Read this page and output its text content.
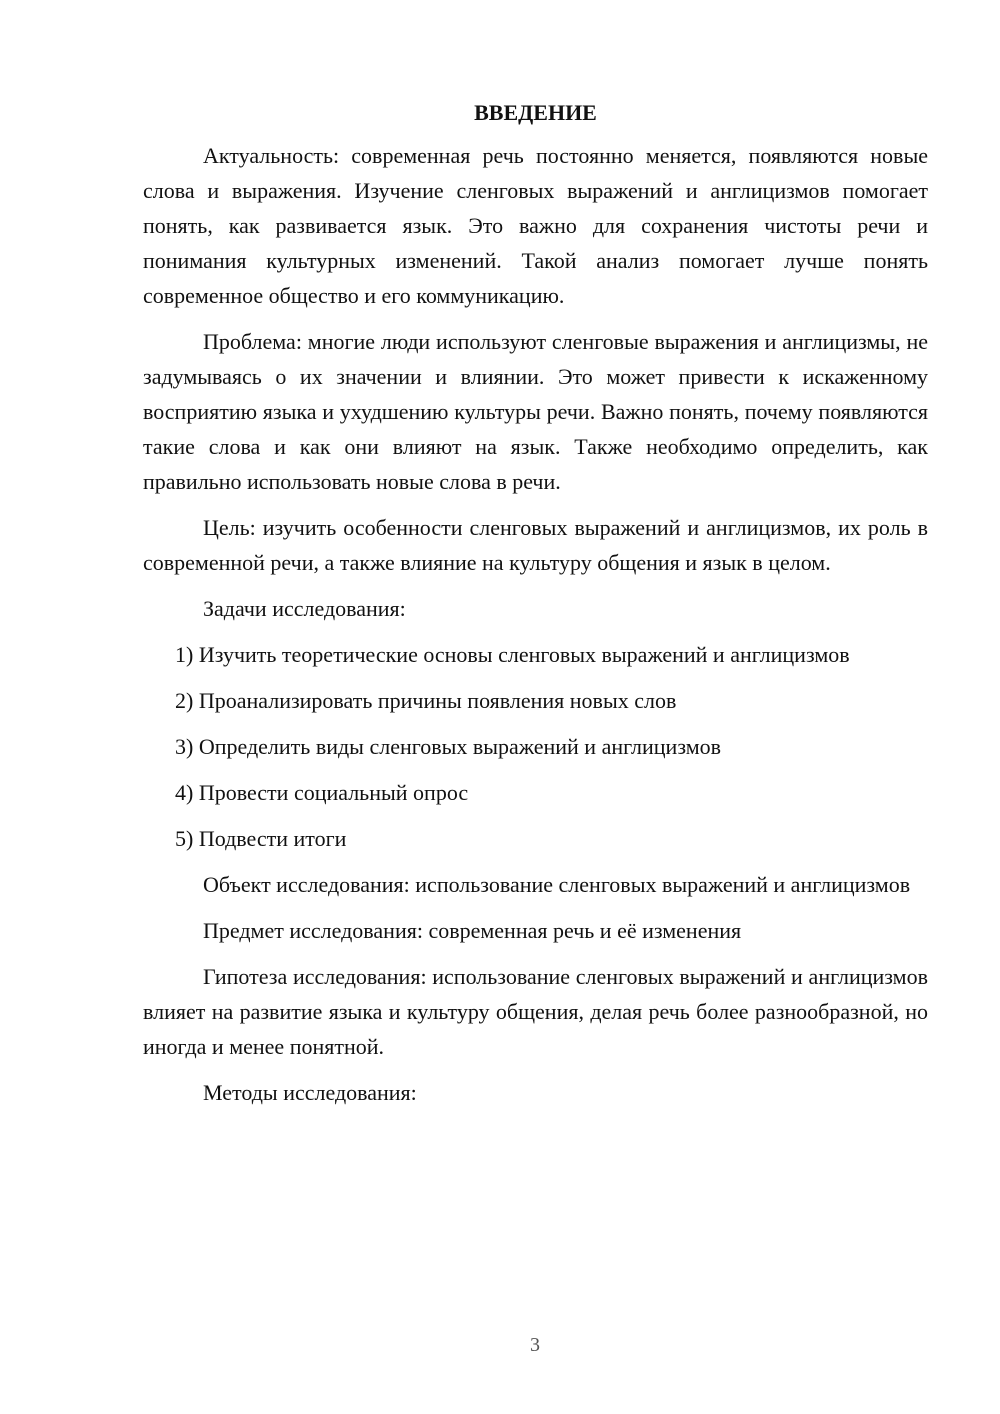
ВВЕДЕНИЕ

Актуальность: современная речь постоянно меняется, появляются новые слова и выражения. Изучение сленговых выражений и англицизмов помогает понять, как развивается язык. Это важно для сохранения чистоты речи и понимания культурных изменений. Такой анализ помогает лучше понять современное общество и его коммуникацию.

Проблема: многие люди используют сленговые выражения и англицизмы, не задумываясь о их значении и влиянии. Это может привести к искаженному восприятию языка и ухудшению культуры речи. Важно понять, почему появляются такие слова и как они влияют на язык. Также необходимо определить, как правильно использовать новые слова в речи.

Цель: изучить особенности сленговых выражений и англицизмов, их роль в современной речи, а также влияние на культуру общения и язык в целом.

Задачи исследования:

1) Изучить теоретические основы сленговых выражений и англицизмов

2) Проанализировать причины появления новых слов

3) Определить виды сленговых выражений и англицизмов

4) Провести социальный опрос

5) Подвести итоги

Объект исследования: использование сленговых выражений и англицизмов

Предмет исследования: современная речь и её изменения

Гипотеза исследования: использование сленговых выражений и англицизмов влияет на развитие языка и культуру общения, делая речь более разнообразной, но иногда и менее понятной.

Методы исследования:

3
